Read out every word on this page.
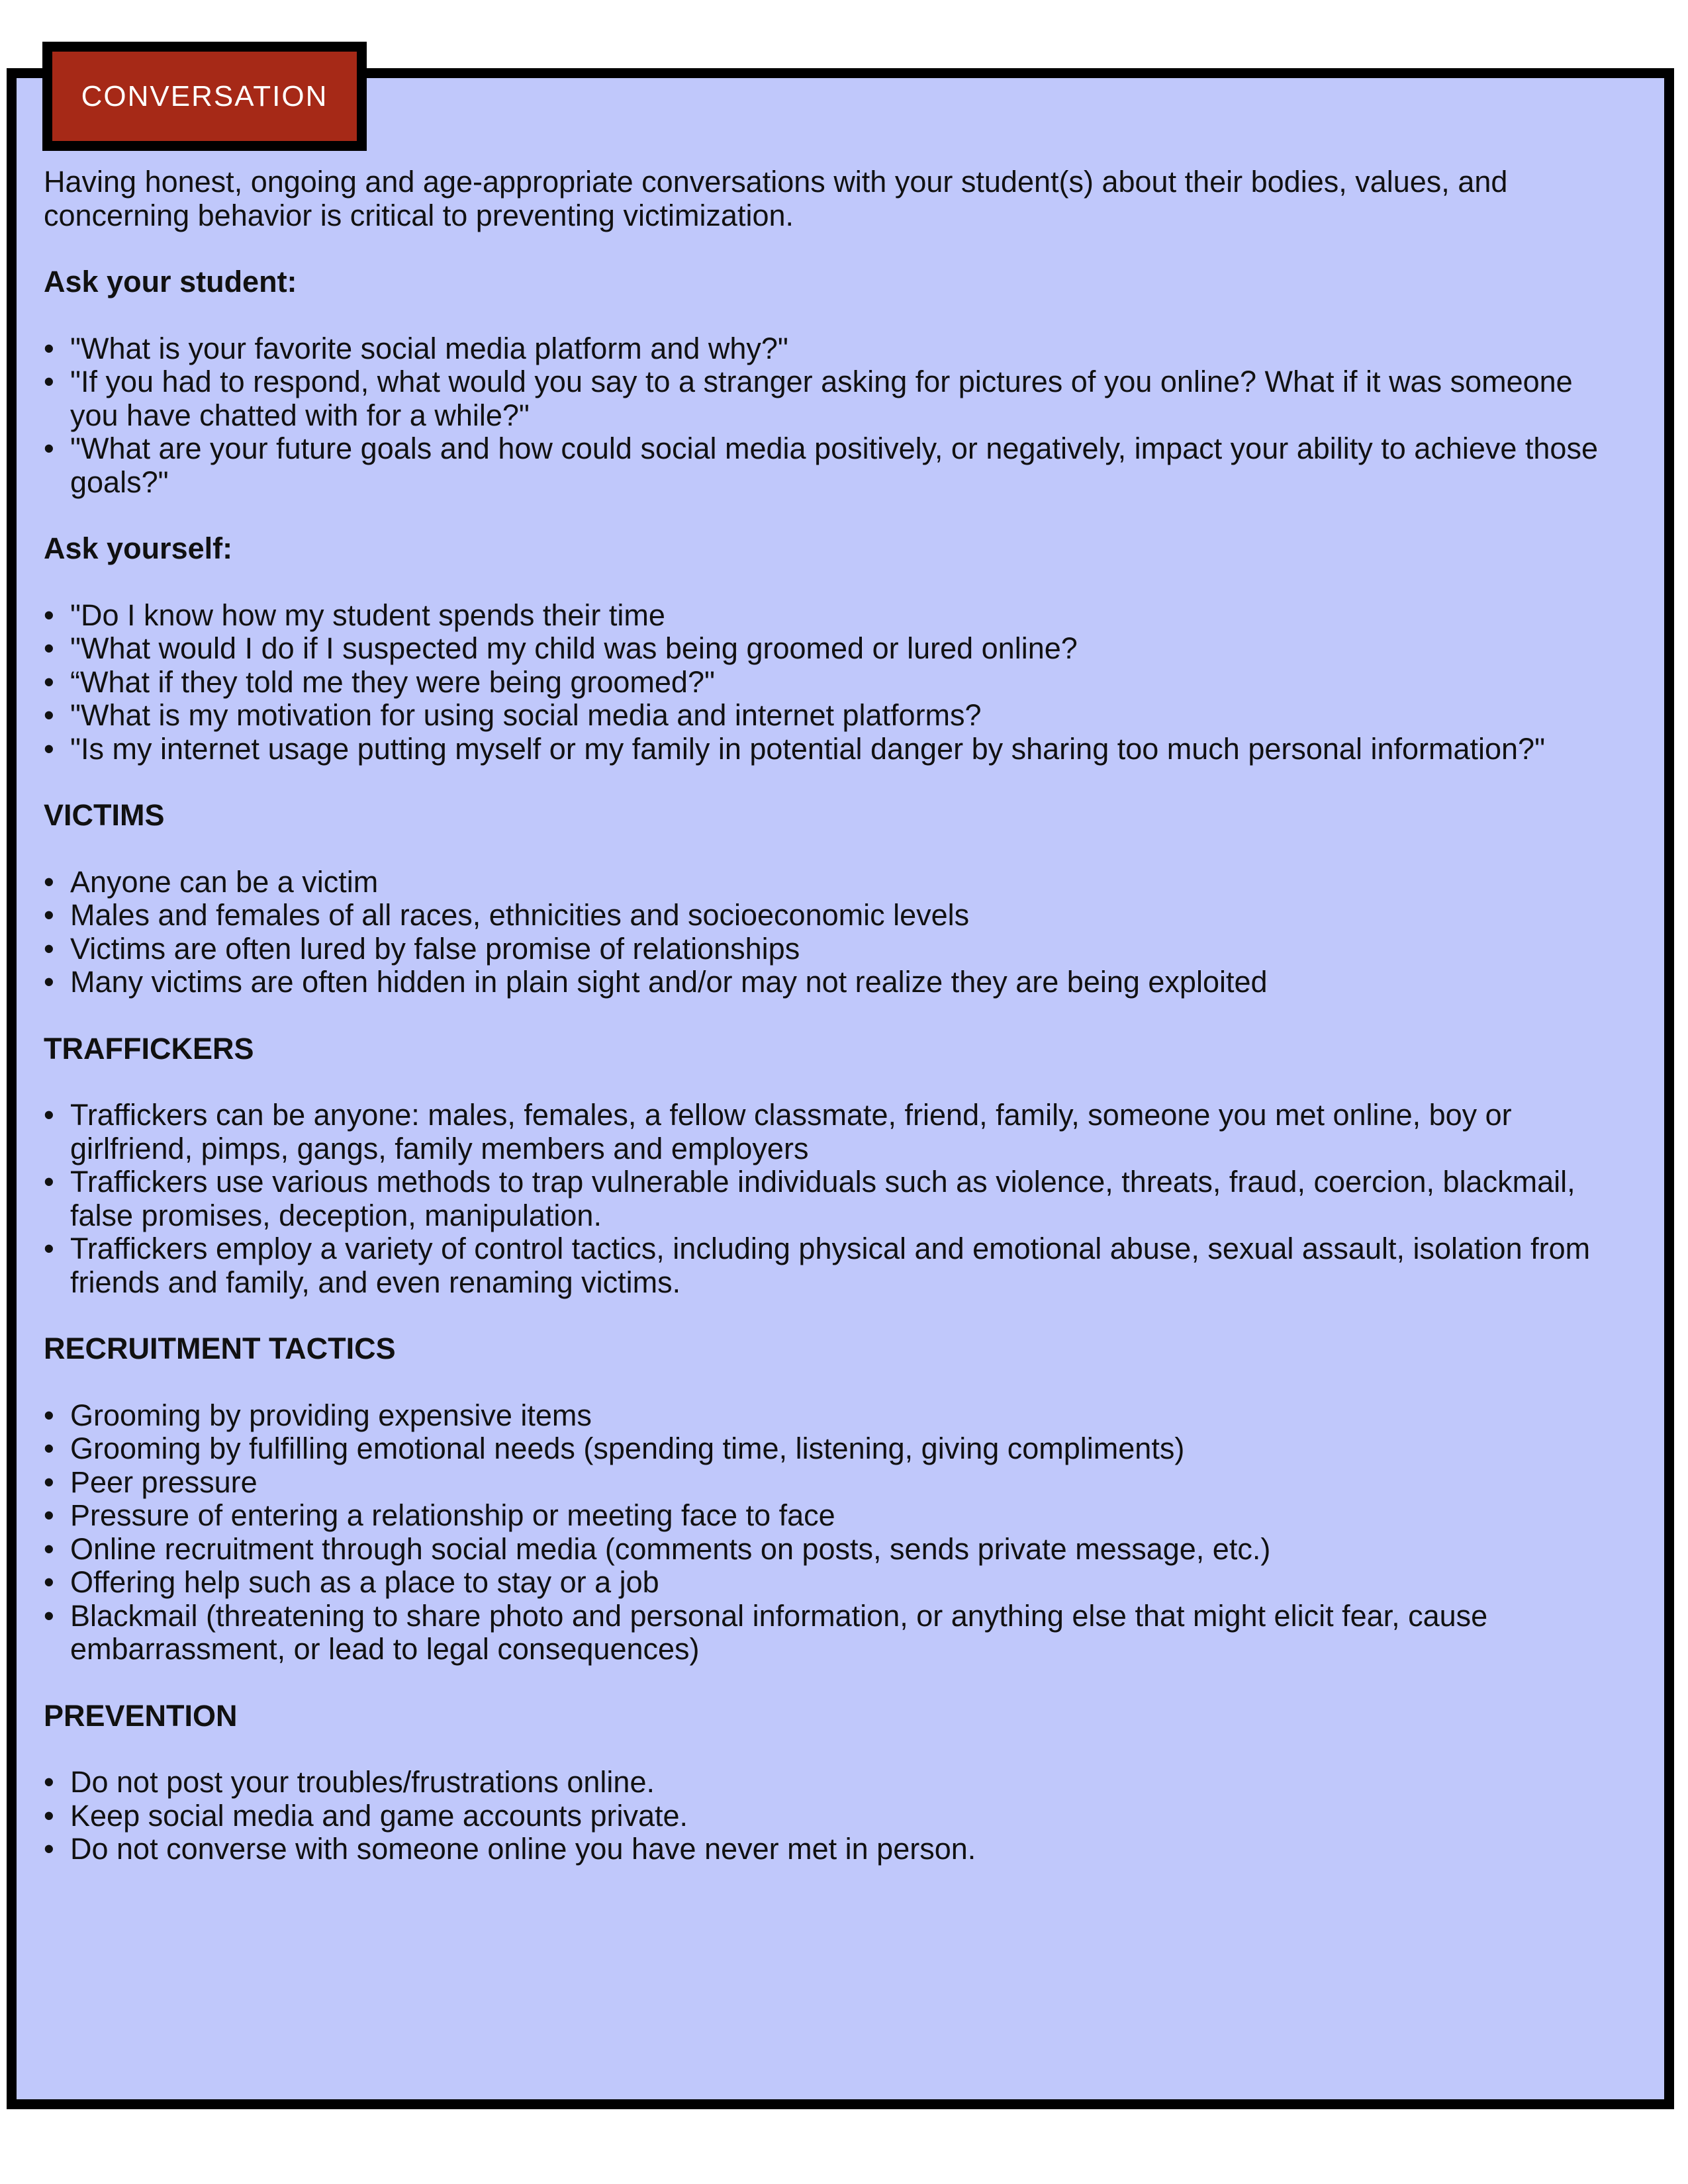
CONVERSATION

Having honest, ongoing and age-appropriate conversations with your student(s) about their bodies, values, and concerning behavior is critical to preventing victimization.

Ask your student:
• "What is your favorite social media platform and why?"
• "If you had to respond, what would you say to a stranger asking for pictures of you online? What if it was someone you have chatted with for a while?"
• "What are your future goals and how could social media positively, or negatively, impact your ability to achieve those goals?"
Ask yourself:
• "Do I know how my student spends their time
• "What would I do if I suspected my child was being groomed or lured online?
• “What if they told me they were being groomed?"
• "What is my motivation for using social media and internet platforms?
• "Is my internet usage putting myself or my family in potential danger by sharing too much personal information?"
VICTIMS
• Anyone can be a victim
• Males and females of all races, ethnicities and socioeconomic levels
• Victims are often lured by false promise of relationships
• Many victims are often hidden in plain sight and/or may not realize they are being exploited
TRAFFICKERS
• Traffickers can be anyone: males, females, a fellow classmate, friend, family, someone you met online, boy or girlfriend, pimps, gangs, family members and employers
• Traffickers use various methods to trap vulnerable individuals such as violence, threats, fraud, coercion, blackmail, false promises, deception, manipulation.
• Traffickers employ a variety of control tactics, including physical and emotional abuse, sexual assault, isolation from friends and family, and even renaming victims.
RECRUITMENT TACTICS
• Grooming by providing expensive items
• Grooming by fulfilling emotional needs (spending time, listening, giving compliments)
• Peer pressure
• Pressure of entering a relationship or meeting face to face
• Online recruitment through social media (comments on posts, sends private message, etc.)
• Offering help such as a place to stay or a job
• Blackmail (threatening to share photo and personal information, or anything else that might elicit fear, cause embarrassment, or lead to legal consequences)
PREVENTION
• Do not post your troubles/frustrations online.
• Keep social media and game accounts private.
• Do not converse with someone online you have never met in person.
